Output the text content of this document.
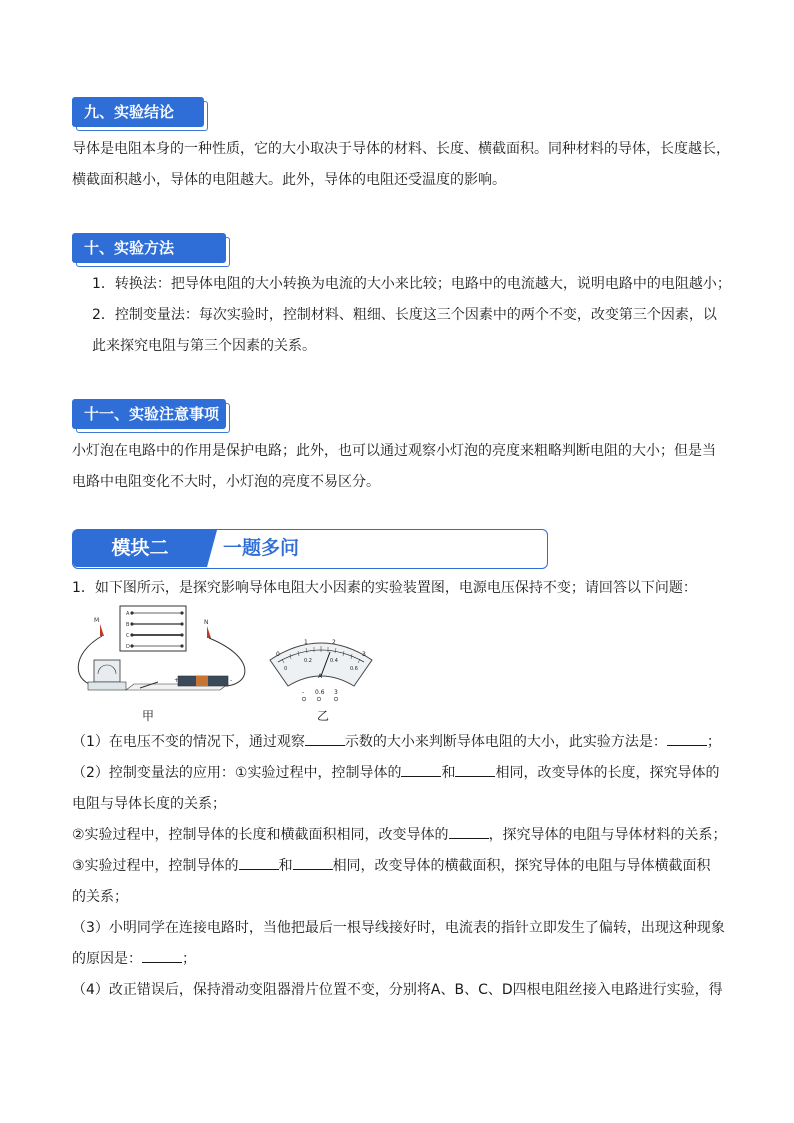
九、实验结论

导体是电阻本身的一种性质，它的大小取决于导体的材料、长度、横截面积。同种材料的导体，长度越长，

横截面积越小，导体的电阻越大。此外，导体的电阻还受温度的影响。

十、实验方法

1．转换法：把导体电阻的大小转换为电流的大小来比较；电路中的电流越大，说明电路中的电阻越小；

2．控制变量法：每次实验时，控制材料、粗细、长度这三个因素中的两个不变，改变第三个因素，以

此来探究电阻与第三个因素的关系。

十一、实验注意事项

小灯泡在电路中的作用是保护电路；此外，也可以通过观察小灯泡的亮度来粗略判断电阻的大小；但是当

电路中电阻变化不大时，小灯泡的亮度不易区分。

模块二	一题多问

1．如下图所示，是探究影响导体电阻大小因素的实验装置图，电源电压保持不变；请回答以下问题：

A
B
C
D
M	N
+	-
甲
0
1	2
3
0
0.2	0.4
0.6
A
- 0.6 3
乙

（1）在电压不变的情况下，通过观察	示数的大小来判断导体电阻的大小，此实验方法是：	；

（2）控制变量法的应用：①实验过程中，控制导体的	和	相同，改变导体的长度，探究导体的

电阻与导体长度的关系；

②实验过程中，控制导体的长度和横截面积相同，改变导体的	，探究导体的电阻与导体材料的关系；

③实验过程中，控制导体的	和	相同，改变导体的横截面积，探究导体的电阻与导体横截面积

的关系；

（3）小明同学在连接电路时，当他把最后一根导线接好时，电流表的指针立即发生了偏转，出现这种现象

的原因是：	；

（4）改正错误后，保持滑动变阻器滑片位置不变，分别将A、B、C、D四根电阻丝接入电路进行实验，得
